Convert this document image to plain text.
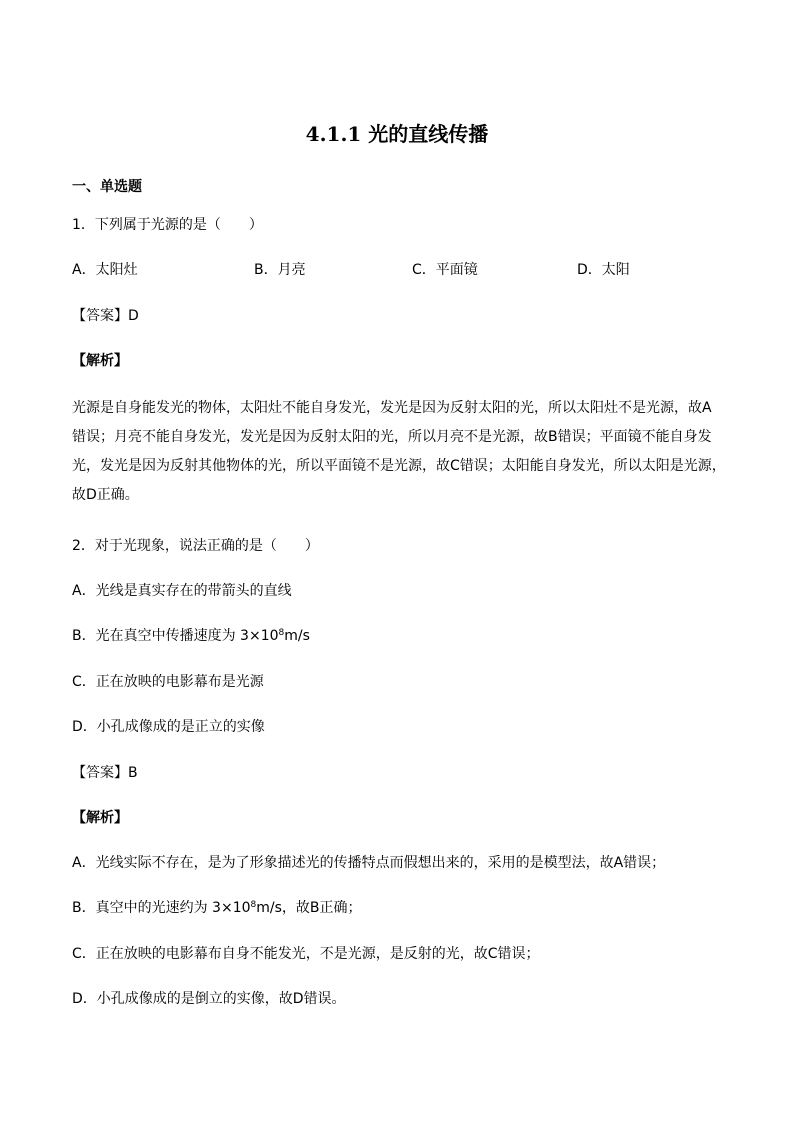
4.1.1 光的直线传播
一、单选题
1．下列属于光源的是（　　）
A．太阳灶	B．月亮	C．平面镜	D．太阳
【答案】D
【解析】
光源是自身能发光的物体，太阳灶不能自身发光，发光是因为反射太阳的光，所以太阳灶不是光源，故A
错误；月亮不能自身发光，发光是因为反射太阳的光，所以月亮不是光源，故B错误；平面镜不能自身发
光，发光是因为反射其他物体的光，所以平面镜不是光源，故C错误；太阳能自身发光，所以太阳是光源，
故D正确。
2．对于光现象，说法正确的是（　　）
A．光线是真实存在的带箭头的直线
B．光在真空中传播速度为 $3\times 10^8m/s$
C．正在放映的电影幕布是光源
D．小孔成像成的是正立的实像
【答案】B
【解析】
A．光线实际不存在，是为了形象描述光的传播特点而假想出来的，采用的是模型法，故A错误；
B．真空中的光速约为 $3\times 10^8m/s$，故B正确；
C．正在放映的电影幕布自身不能发光，不是光源，是反射的光，故C错误；
D．小孔成像成的是倒立的实像，故D错误。
